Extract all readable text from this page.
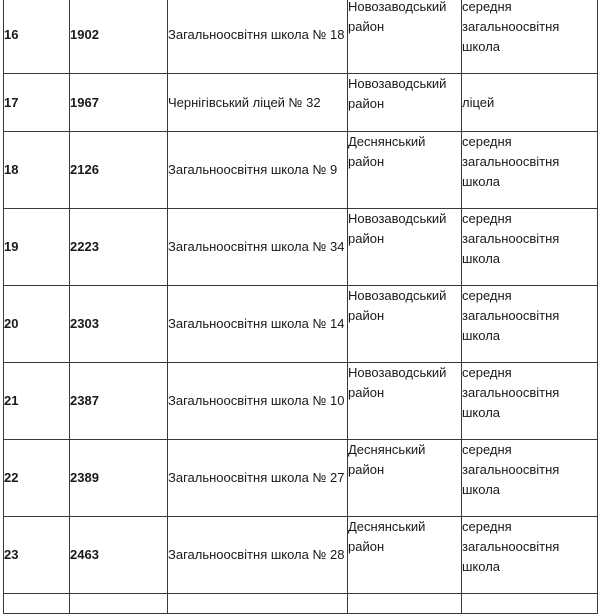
16	1902	Загальноосвітня школа № 18	Новозаводський район	середня загальноосвітня школа
17	1967	Чернігівський ліцей № 32	Новозаводський район	ліцей
18	2126	Загальноосвітня школа № 9	Деснянський район	середня загальноосвітня школа
19	2223	Загальноосвітня школа № 34	Новозаводський район	середня загальноосвітня школа
20	2303	Загальноосвітня школа № 14	Новозаводський район	середня загальноосвітня школа
21	2387	Загальноосвітня школа № 10	Новозаводський район	середня загальноосвітня школа
22	2389	Загальноосвітня школа № 27	Деснянський район	середня загальноосвітня школа
23	2463	Загальноосвітня школа № 28	Деснянський район	середня загальноосвітня школа
